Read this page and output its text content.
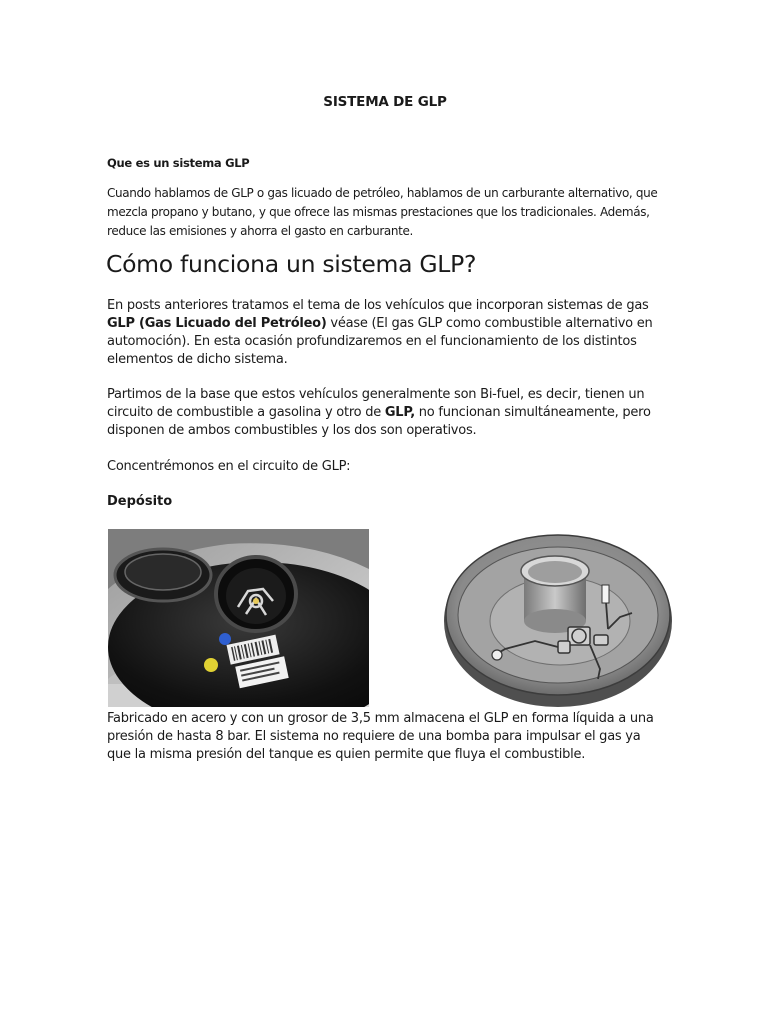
SISTEMA DE GLP
Que es un sistema GLP

Cuando hablamos de GLP o gas licuado de petróleo, hablamos de un carburante alternativo, que mezcla propano y butano, y que ofrece las mismas prestaciones que los tradicionales. Además, reduce las emisiones y ahorra el gasto en carburante.

Cómo funciona un sistema GLP?

En posts anteriores tratamos el tema de los vehículos que incorporan sistemas de gas GLP (Gas Licuado del Petróleo) véase (El gas GLP como combustible alternativo en automoción). En esta ocasión profundizaremos en el funcionamiento de los distintos elementos de dicho sistema.

Partimos de la base que estos vehículos generalmente son Bi-fuel, es decir, tienen un circuito de combustible a gasolina y otro de GLP, no funcionan simultáneamente, pero disponen de ambos combustibles y los dos son operativos.

Concentrémonos en el circuito de GLP:

Depósito

Fabricado en acero y con un grosor de 3,5 mm almacena el GLP en forma líquida a una presión de hasta 8 bar. El sistema no requiere de una bomba para impulsar el gas ya que la misma presión del tanque es quien permite que fluya el combustible.
